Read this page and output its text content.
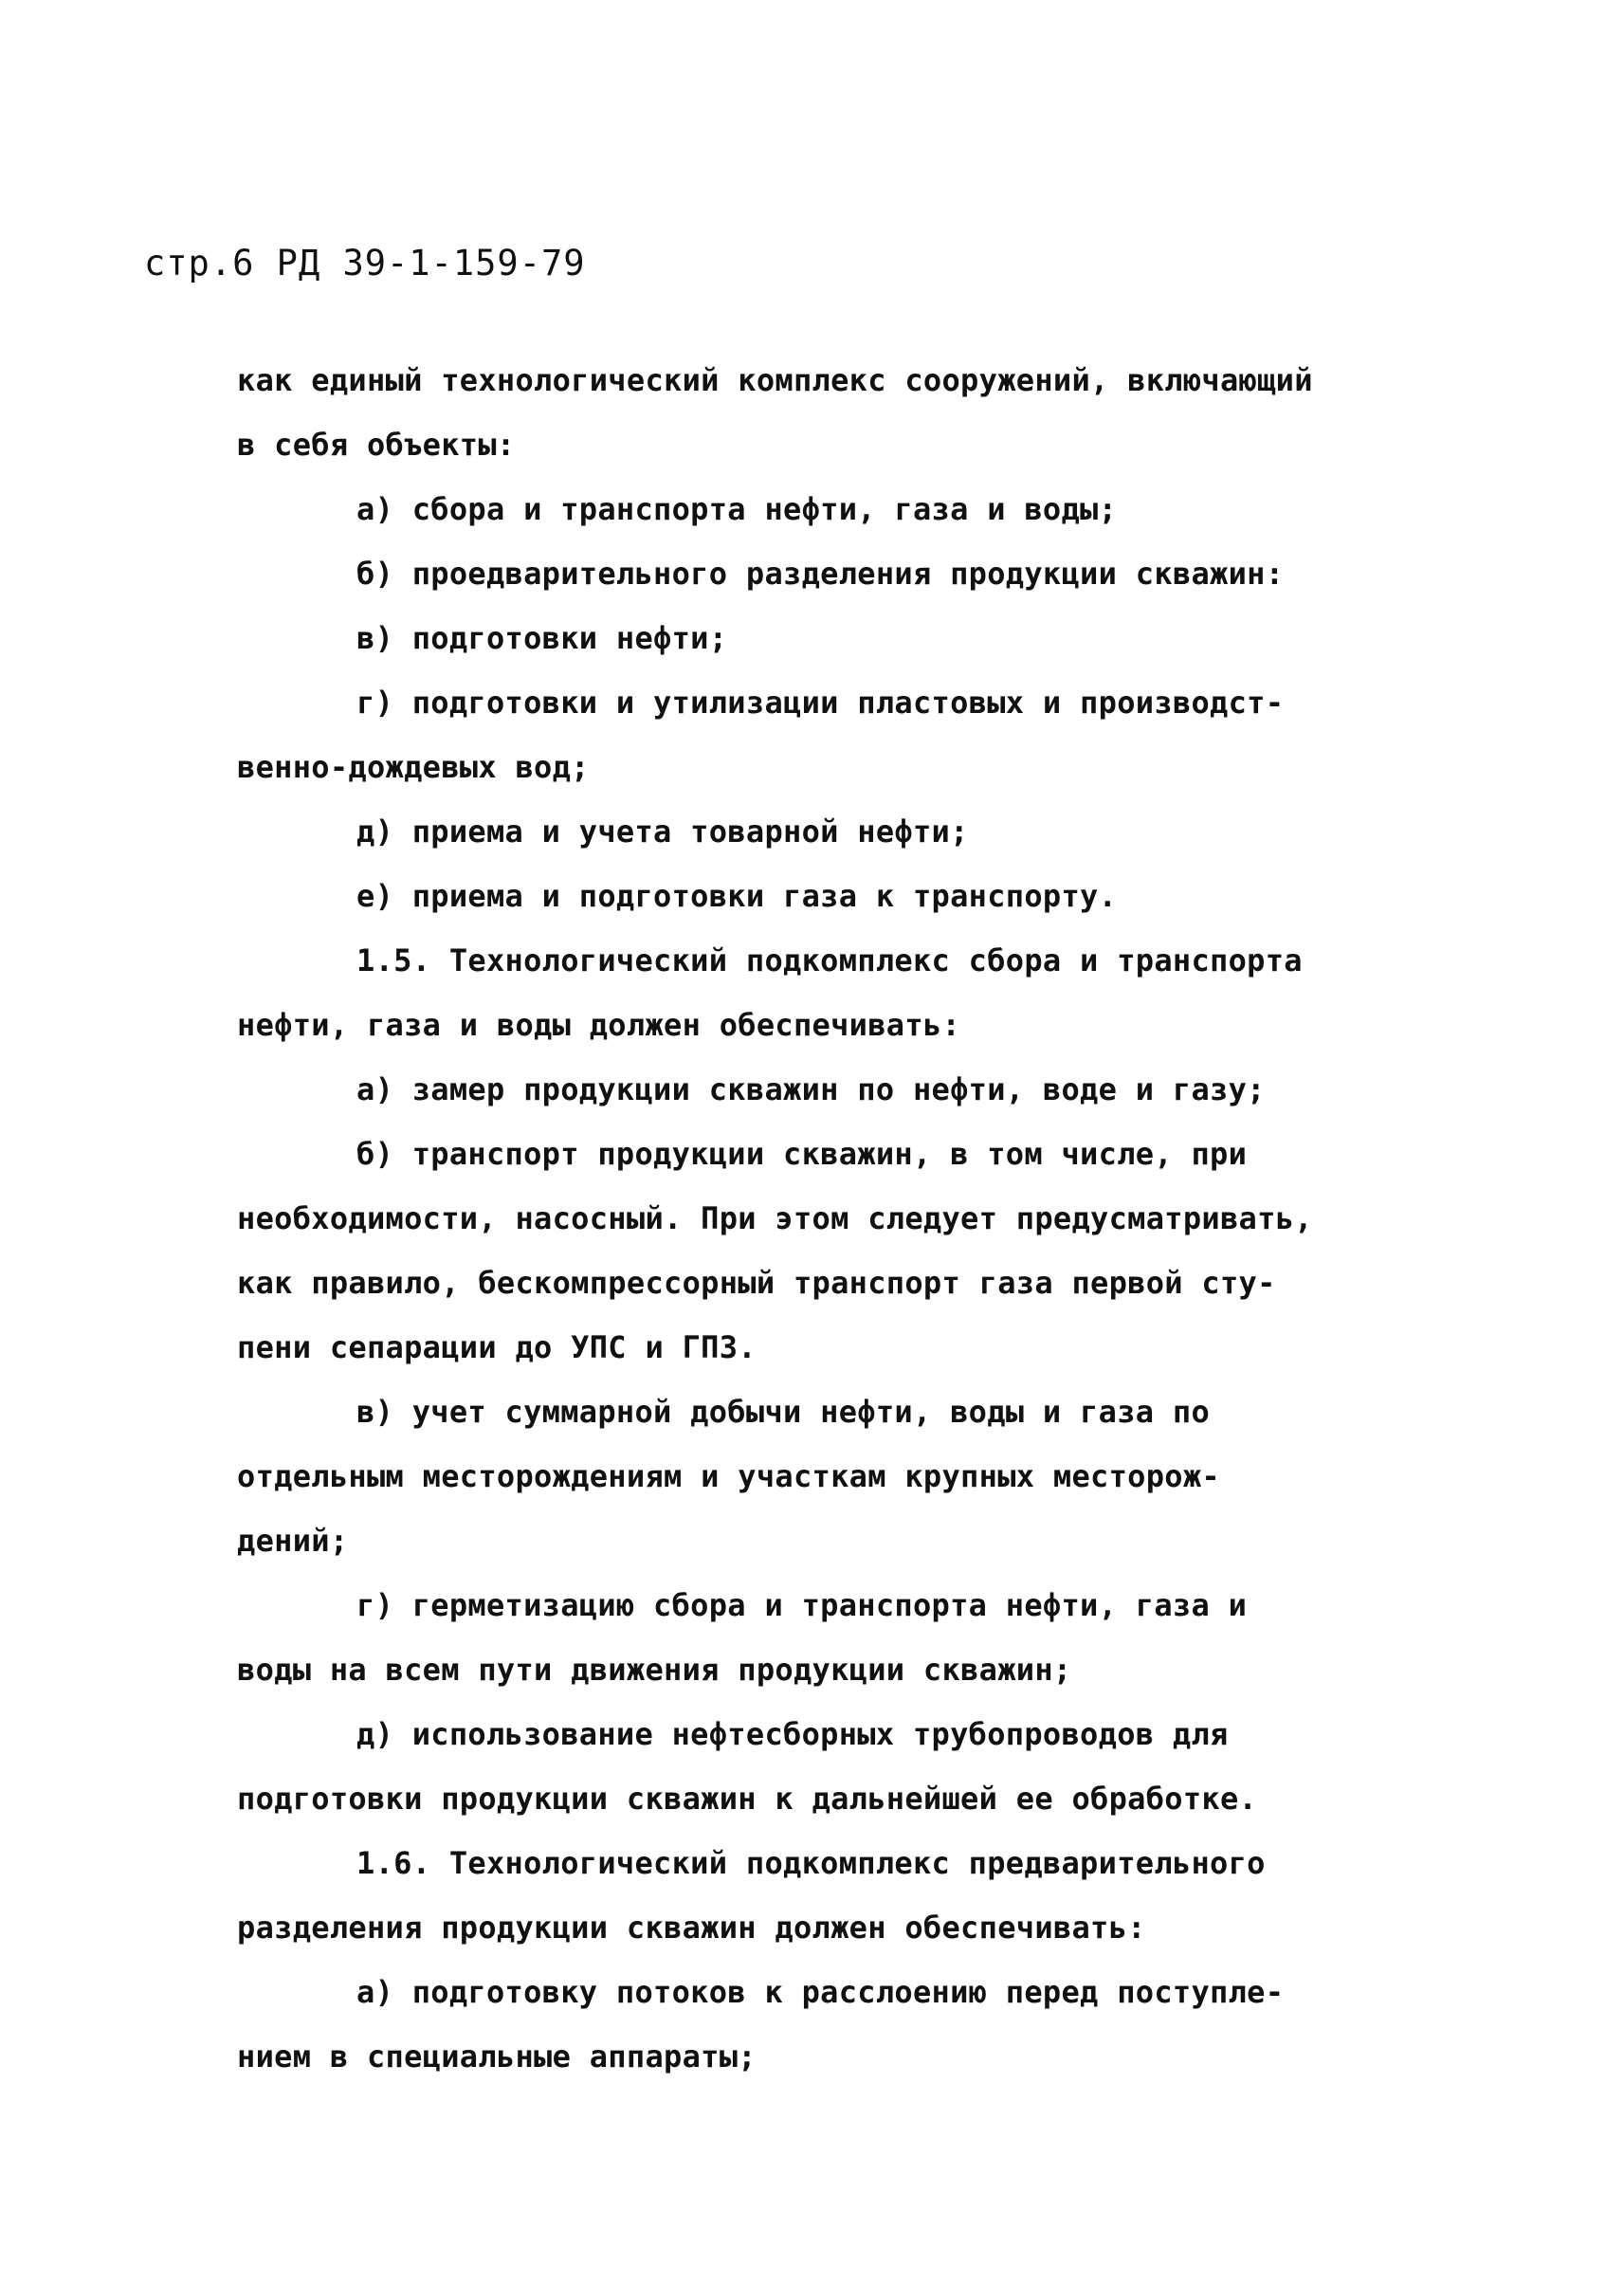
стр.6 РД 39-1-159-79
как единый технологический комплекс сооружений, включающий
в себя объекты:
а) сбора и транспорта нефти, газа и воды;
б) проедварительного разделения продукции скважин:
в) подготовки нефти;
г) подготовки и утилизации пластовых и производст-
венно-дождевых вод;
д) приема и учета товарной нефти;
е) приема и подготовки газа к транспорту.
1.5. Технологический подкомплекс сбора и транспорта
нефти, газа и воды должен обеспечивать:
а) замер продукции скважин по нефти, воде и газу;
б) транспорт продукции скважин, в том числе, при
необходимости, насосный. При этом следует предусматривать,
как правило, бескомпрессорный транспорт газа первой сту-
пени сепарации до УПС и ГПЗ.
в) учет суммарной добычи нефти, воды и газа по
отдельным месторождениям и участкам крупных месторож-
дений;
г) герметизацию сбора и транспорта нефти, газа и
воды на всем пути движения продукции скважин;
д) использование нефтесборных трубопроводов для
подготовки продукции скважин к дальнейшей ее обработке.
1.6. Технологический подкомплекс предварительного
разделения продукции скважин должен обеспечивать:
а) подготовку потоков к расслоению перед поступле-
нием в специальные аппараты;
